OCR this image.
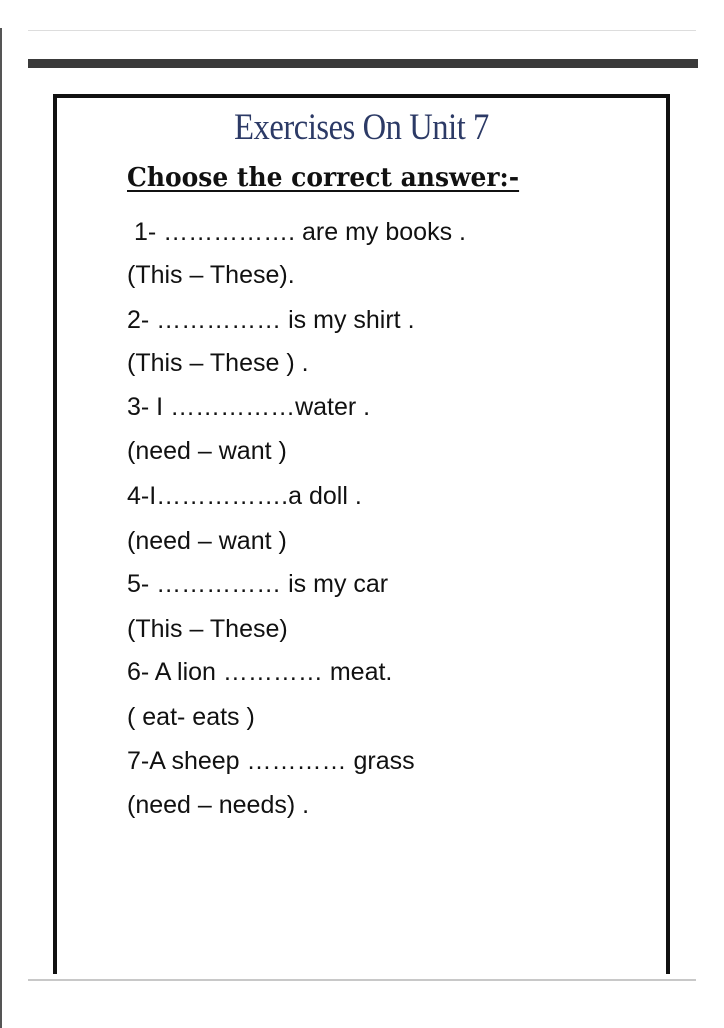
Exercises On Unit 7
Choose the correct answer:-
1- ……………. are my books .
(This – These).
2- …………… is my shirt .
(This – These ) .
3- I ……………water .
(need – want )
4-I…………….a doll .
(need – want )
5- …………… is my car
(This – These)
6- A lion ………… meat.
( eat- eats )
7-A sheep ………… grass
(need – needs) .
